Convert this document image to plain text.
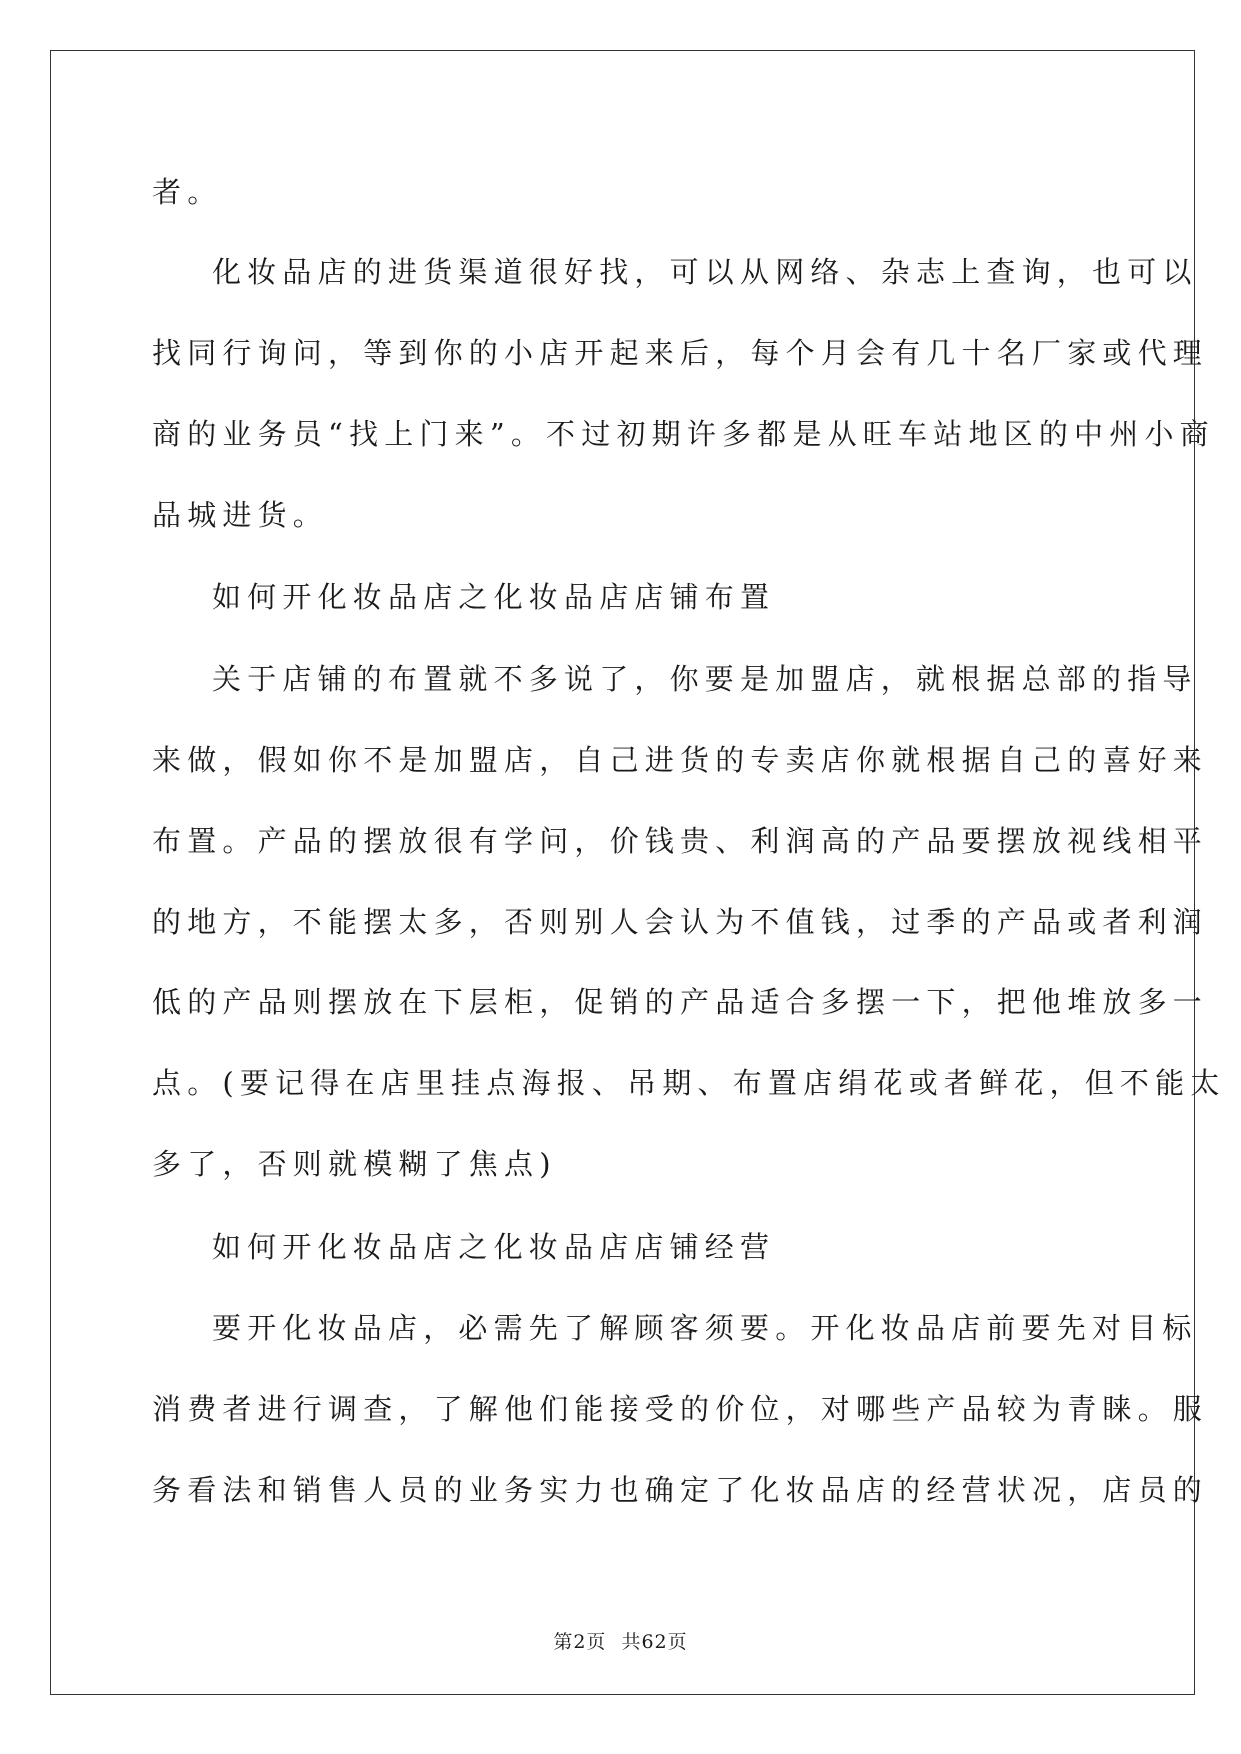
者。
化妆品店的进货渠道很好找，可以从网络、杂志上查询，也可以
找同行询问，等到你的小店开起来后，每个月会有几十名厂家或代理
商的业务员“找上门来”。不过初期许多都是从旺车站地区的中州小商
品城进货。
如何开化妆品店之化妆品店店铺布置
关于店铺的布置就不多说了，你要是加盟店，就根据总部的指导
来做，假如你不是加盟店，自己进货的专卖店你就根据自己的喜好来
布置。产品的摆放很有学问，价钱贵、利润高的产品要摆放视线相平
的地方，不能摆太多，否则别人会认为不值钱，过季的产品或者利润
低的产品则摆放在下层柜，促销的产品适合多摆一下，把他堆放多一
点。(要记得在店里挂点海报、吊期、布置店绢花或者鲜花，但不能太
多了，否则就模糊了焦点)
如何开化妆品店之化妆品店店铺经营
要开化妆品店，必需先了解顾客须要。开化妆品店前要先对目标
消费者进行调查，了解他们能接受的价位，对哪些产品较为青睐。服
务看法和销售人员的业务实力也确定了化妆品店的经营状况，店员的
第2页 共62页
